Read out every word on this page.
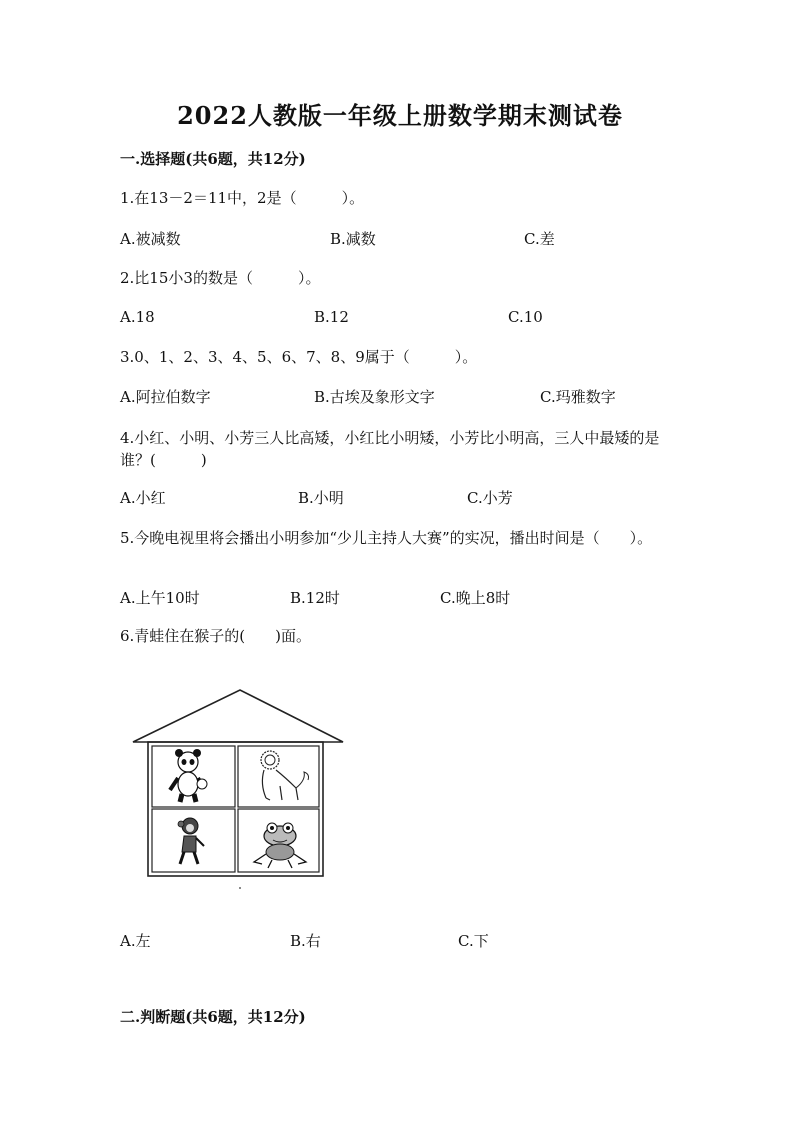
2022人教版一年级上册数学期末测试卷
一.选择题(共6题，共12分)
1.在13－2＝11中，2是（　　　）。
A.被减数	B.减数	C.差
2.比15小3的数是（　　　）。
A.18	B.12	C.10
3.0、1、2、3、4、5、6、7、8、9属于（　　　）。
A.阿拉伯数字	B.古埃及象形文字	C.玛雅数字
4.小红、小明、小芳三人比高矮，小红比小明矮，小芳比小明高，三人中最矮的是谁？(　　　)
A.小红	B.小明	C.小芳
5.今晚电视里将会播出小明参加“少儿主持人大赛”的实况，播出时间是（　　）。
A.上午10时	B.12时	C.晚上8时
6.青蛙住在猴子的(　　)面。
A.左	B.右	C.下
二.判断题(共6题，共12分)
